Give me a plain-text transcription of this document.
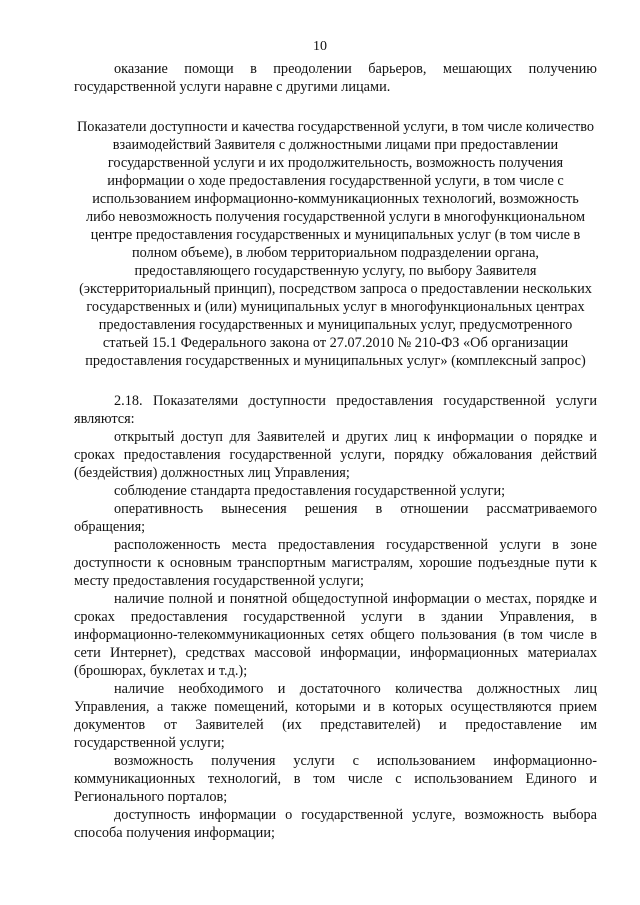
10

оказание помощи в преодолении барьеров, мешающих получению государственной услуги наравне с другими лицами.

Показатели доступности и качества государственной услуги, в том числе количество взаимодействий Заявителя с должностными лицами при предоставлении государственной услуги и их продолжительность, возможность получения информации о ходе предоставления государственной услуги, в том числе с использованием информационно-коммуникационных технологий, возможность либо невозможность получения государственной услуги в многофункциональном центре предоставления государственных и муниципальных услуг (в том числе в полном объеме), в любом территориальном подразделении органа, предоставляющего государственную услугу, по выбору Заявителя (экстерриториальный принцип), посредством запроса о предоставлении нескольких государственных и (или) муниципальных услуг в многофункциональных центрах предоставления государственных и муниципальных услуг, предусмотренного статьей 15.1 Федерального закона от 27.07.2010 № 210-ФЗ «Об организации предоставления государственных и муниципальных услуг» (комплексный запрос)

2.18. Показателями доступности предоставления государственной услуги являются:

открытый доступ для Заявителей и других лиц к информации о порядке и сроках предоставления государственной услуги, порядку обжалования действий (бездействия) должностных лиц Управления;

соблюдение стандарта предоставления государственной услуги;

оперативность вынесения решения в отношении рассматриваемого обращения;

расположенность места предоставления государственной услуги в зоне доступности к основным транспортным магистралям, хорошие подъездные пути к месту предоставления государственной услуги;

наличие полной и понятной общедоступной информации о местах, порядке и сроках предоставления государственной услуги в здании Управления, в информационно-телекоммуникационных сетях общего пользования (в том числе в сети Интернет), средствах массовой информации, информационных материалах (брошюрах, буклетах и т.д.);

наличие необходимого и достаточного количества должностных лиц Управления, а также помещений, которыми и в которых осуществляются прием документов от Заявителей (их представителей) и предоставление им государственной услуги;

возможность получения услуги с использованием информационно-коммуникационных технологий, в том числе с использованием Единого и Регионального порталов;

доступность информации о государственной услуге, возможность выбора способа получения информации;
